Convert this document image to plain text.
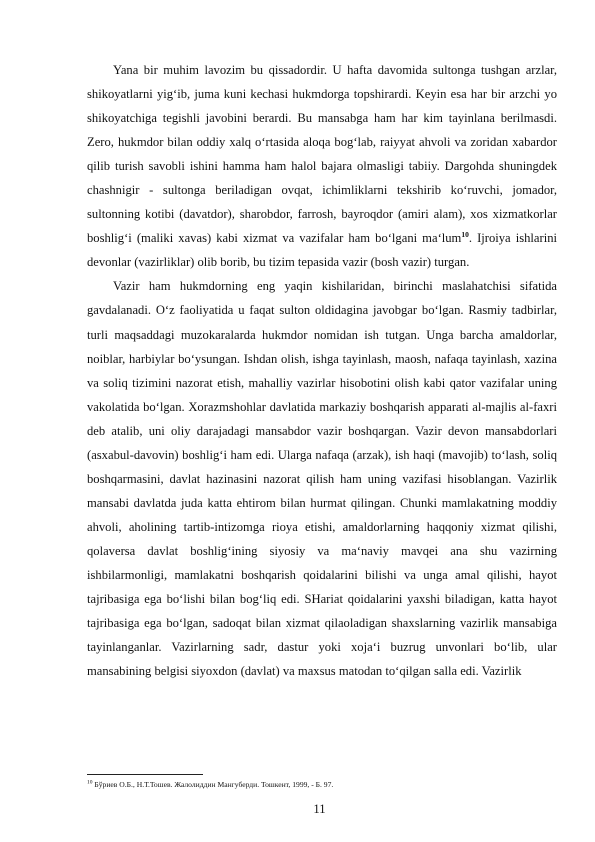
Yana bir muhim lavozim bu qissadordir. U hafta davomida sultonga tushgan arzlar, shikoyatlarni yig‘ib, juma kuni kechasi hukmdorga topshirardi. Keyin esa har bir arzchi yo shikoyatchiga tegishli javobini berardi. Bu mansabga ham har kim tayinlana berilmasdi. Zero, hukmdor bilan oddiy xalq o‘rtasida aloqa bog‘lab, raiyyat ahvoli va zoridan xabardor qilib turish savobli ishini hamma ham halol bajara olmasligi tabiiy. Dargohda shuningdek chashnigir - sultonga beriladigan ovqat, ichimliklarni tekshirib ko‘ruvchi, jomador, sultonning kotibi (davatdor), sharobdor, farrosh, bayroqdor (amiri alam), xos xizmatkorlar boshlig‘i (maliki xavas) kabi xizmat va vazifalar ham bo‘lgani ma‘lum$^{10}$. Ijroiya ishlarini devonlar (vazirliklar) olib borib, bu tizim tepasida vazir (bosh vazir) turgan.

Vazir ham hukmdorning eng yaqin kishilaridan, birinchi maslahatchisi sifatida gavdalanadi. O‘z faoliyatida u faqat sulton oldidagina javobgar bo‘lgan. Rasmiy tadbirlar, turli maqsaddagi muzokaralarda hukmdor nomidan ish tutgan. Unga barcha amaldorlar, noiblar, harbiylar bo‘ysungan. Ishdan olish, ishga tayinlash, maosh, nafaqa tayinlash, xazina va soliq tizimini nazorat etish, mahalliy vazirlar hisobotini olish kabi qator vazifalar uning vakolatida bo‘lgan. Xorazmshohlar davlatida markaziy boshqarish apparati al-majlis al-faxri deb atalib, uni oliy darajadagi mansabdor vazir boshqargan. Vazir devon mansabdorlari (asxabul-davovin) boshlig‘i ham edi. Ularga nafaqa (arzak), ish haqi (mavojib) to‘lash, soliq boshqarmasini, davlat hazinasini nazorat qilish ham uning vazifasi hisoblangan. Vazirlik mansabi davlatda juda katta ehtirom bilan hurmat qilingan. Chunki mamlakatning moddiy ahvoli, aholining tartib-intizomga rioya etishi, amaldorlarning haqqoniy xizmat qilishi, qolaversa davlat boshlig‘ining siyosiy va ma‘naviy mavqei ana shu vazirning ishbilarmonligi, mamlakatni boshqarish qoidalarini bilishi va unga amal qilishi, hayot tajribasiga ega bo‘lishi bilan bog‘liq edi. SHariat qoidalarini yaxshi biladigan, katta hayot tajribasiga ega bo‘lgan, sadoqat bilan xizmat qilaoladigan shaxslarning vazirlik mansabiga tayinlanganlar. Vazirlarning sadr, dastur yoki xoja‘i buzrug unvonlari bo‘lib, ular mansabining belgisi siyoxdon (davlat) va maxsus matodan to‘qilgan salla edi. Vazirlik

$^{10}$ Бўриев О.Б., Н.Т.Тошев. Жалолиддин Мангуберди. Тошкент, 1999, - Б. 97.
11
